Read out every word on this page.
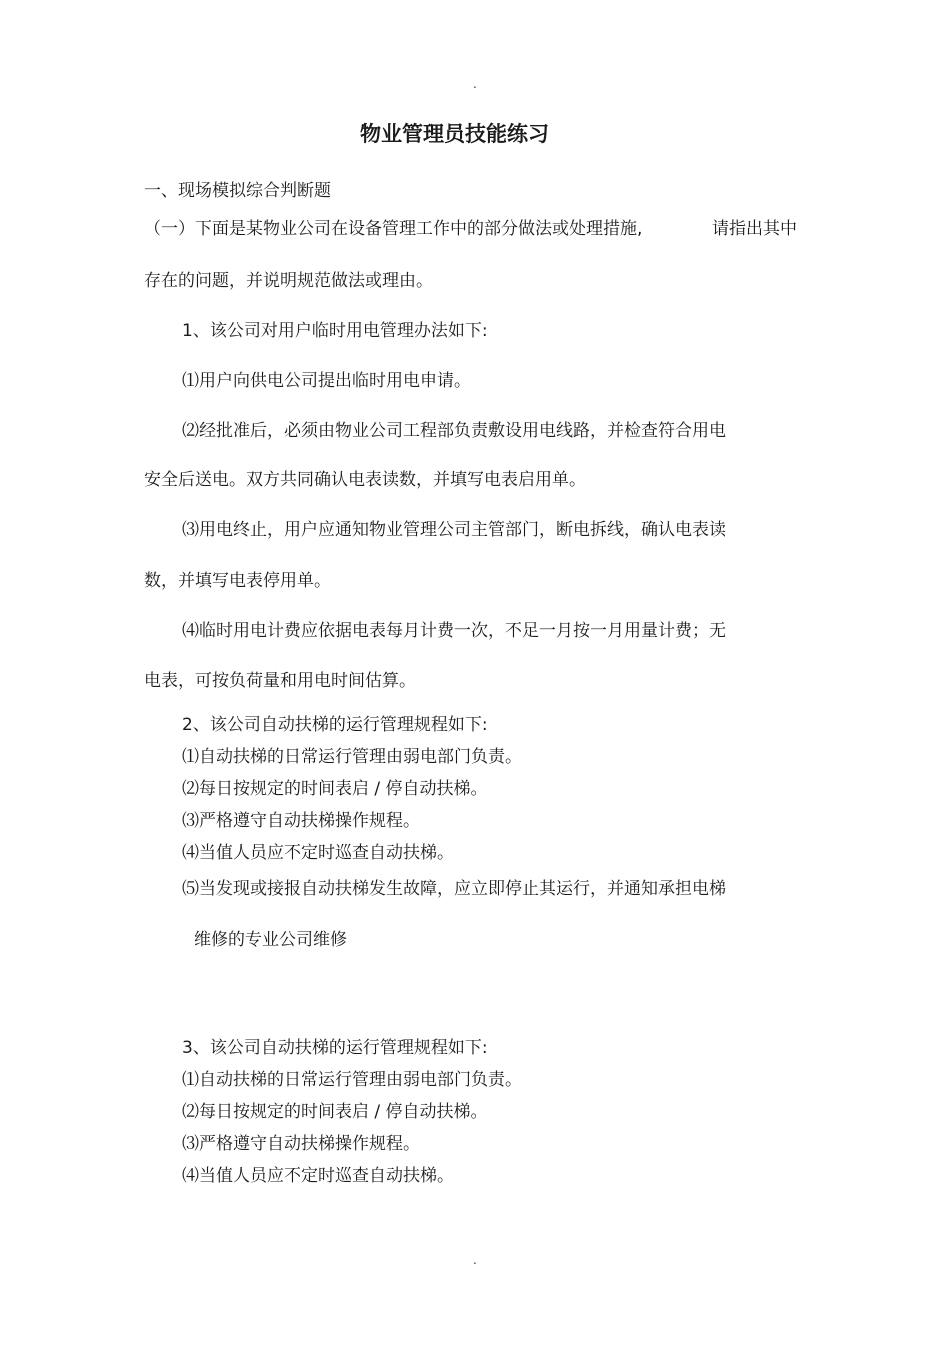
.
物业管理员技能练习

一、现场模拟综合判断题

（一）下面是某物业公司在设备管理工作中的部分做法或处理措施,	请指出其中

存在的问题，并说明规范做法或理由。

1、该公司对用户临时用电管理办法如下:

⑴用户向供电公司提出临时用电申请。

⑵经批准后，必须由物业公司工程部负责敷设用电线路，并检查符合用电

安全后送电。双方共同确认电表读数，并填写电表启用单。

⑶用电终止，用户应通知物业管理公司主管部门，断电拆线，确认电表读

数，并填写电表停用单。

⑷临时用电计费应依据电表每月计费一次，不足一月按一月用量计费；无

电表，可按负荷量和用电时间估算。

2、该公司自动扶梯的运行管理规程如下:

⑴自动扶梯的日常运行管理由弱电部门负责。

⑵每日按规定的时间表启 / 停自动扶梯。

⑶严格遵守自动扶梯操作规程。

⑷当值人员应不定时巡查自动扶梯。

⑸当发现或接报自动扶梯发生故障，应立即停止其运行，并通知承担电梯

维修的专业公司维修

3、该公司自动扶梯的运行管理规程如下:

⑴自动扶梯的日常运行管理由弱电部门负责。

⑵每日按规定的时间表启 / 停自动扶梯。

⑶严格遵守自动扶梯操作规程。

⑷当值人员应不定时巡查自动扶梯。

.
